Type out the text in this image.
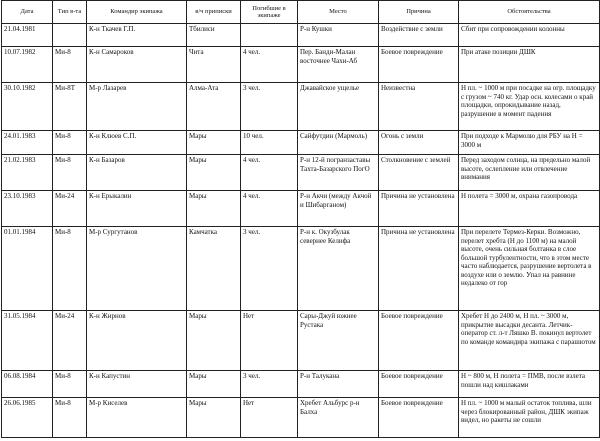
Дата	Тип в-та	Командир экипажа	в/ч приписки	Погибшие в экипаже	Место	Причина	Обстоятельства
21.04.1981		К-н Ткачев Г.П.	Тбилиси		Р-н Кушки	Воздействие с земли	Сбит при сопровождении колонны
10.07.1982	Ми-8	К-н Самароков	Чита	4 чел.	Пер. Банди-Малан восточнее Чахи-Аб	Боевое повреждение	При атаке позиции ДШК
30.10.1982	Ми-8Т	М-р Лазарев	Алма-Ата	3 чел.	Джавайское ущелье	Неизвестна	Н пл. ~ 1000 м при посадке на огр. площадку с грузом ~ 740 кг. Удар осн. колесами о край площадки, опрокидывание назад, разрушение в момент падения
24.01.1983	Ми-8	К-н Клюев С.П.	Мары	10 чел.	Сайфутдин (Мармоль)	Огонь с земли	При подходе к Мармолю для РБУ на Н = 3000 м
21.02.1983	Ми-8	К-н Базаров	Мары	4 чел.	Р-н 12-й погранзаставы Тахта-Базарского ПогО	Столкновение с землей	Перед заходом солнца, на предельно малой высоте, ослепление или отвлечение внимания
23.10.1983	Ми-24	К-н Ерыкалин	Мары	4 чел.	Р-н Акчи (между Акчой и Шибарганом)	Причина не установлена	Н полета = 3000 м, охрана газопровода
01.01.1984	Ми-8	М-р Сургутанов	Камчатка	3 чел.	Р-н к. Окузбулак севернее Келифа	Причина не установлена	При перелете Термез-Керки. Возможно, перелет хребта (Н до 1100 м) на малой высоте, очень сильная болтанка в слое большой турбулентности, что в этом месте часто наблюдается, разрушение вертолета в воздухе или о землю. Упал на равнине недалеко от гор
31.05.1984	Ми-24	К-н Жирнов	Мары	Нет	Сары-Джуй южнее Рустака	Боевое повреждение	Хребет Н до 2400 м, Н пл. ~ 3000 м, прикрытие высадки десанта. Летчик-оператор ст. л-т Ляшко В. покинул вертолет по команде командира экипажа с парашютом
06.08.1984	Ми-8	К-н Капустин	Мары	3 чел.	Р-н Талукана	Боевое повреждение	Н ~ 800 м, Н полета = ПМВ, после взлета пошли над кишлаками
26.06.1985	Ми-8	М-р Киселев	Мары	Нет	Хребет Альбурс р-н Балха	Боевое повреждение	Н пл. ~ 1000 м малый остаток топлива, шли через блокированный район, ДШК экипаж видел, но ракеты не сошли
